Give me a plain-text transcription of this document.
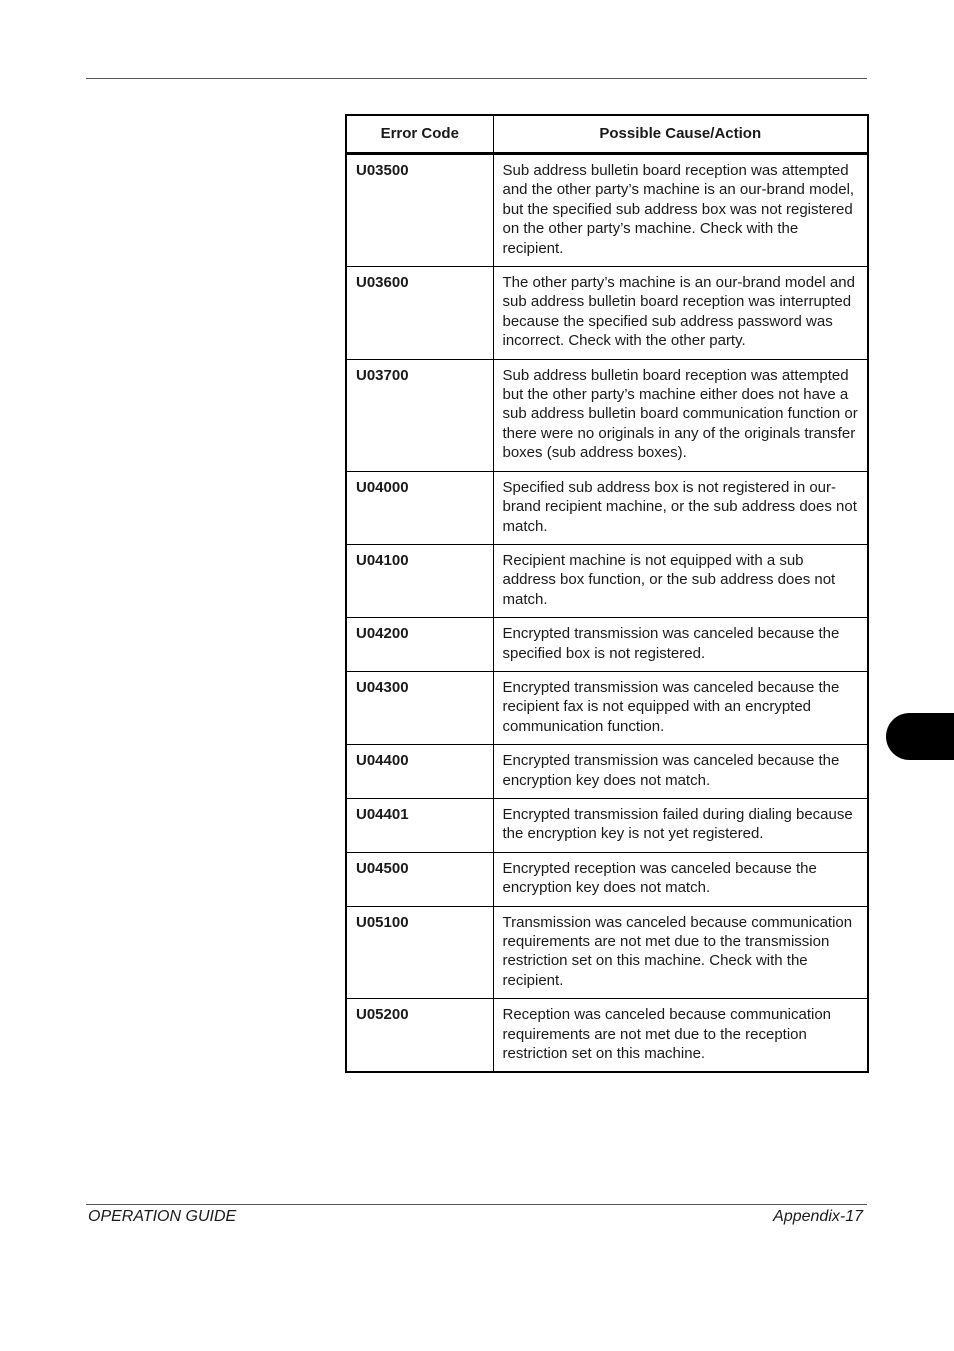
Error Code	Possible Cause/Action
U03500	Sub address bulletin board reception was attempted and the other party’s machine is an our-brand model, but the specified sub address box was not registered on the other party’s machine. Check with the recipient.
U03600	The other party’s machine is an our-brand model and sub address bulletin board reception was interrupted because the specified sub address password was incorrect. Check with the other party.
U03700	Sub address bulletin board reception was attempted but the other party’s machine either does not have a sub address bulletin board communication function or there were no originals in any of the originals transfer boxes (sub address boxes).
U04000	Specified sub address box is not registered in our-brand recipient machine, or the sub address does not match.
U04100	Recipient machine is not equipped with a sub address box function, or the sub address does not match.
U04200	Encrypted transmission was canceled because the specified box is not registered.
U04300	Encrypted transmission was canceled because the recipient fax is not equipped with an encrypted communication function.
U04400	Encrypted transmission was canceled because the encryption key does not match.
U04401	Encrypted transmission failed during dialing because the encryption key is not yet registered.
U04500	Encrypted reception was canceled because the encryption key does not match.
U05100	Transmission was canceled because communication requirements are not met due to the transmission restriction set on this machine. Check with the recipient.
U05200	Reception was canceled because communication requirements are not met due to the reception restriction set on this machine.
OPERATION GUIDE	Appendix-17
